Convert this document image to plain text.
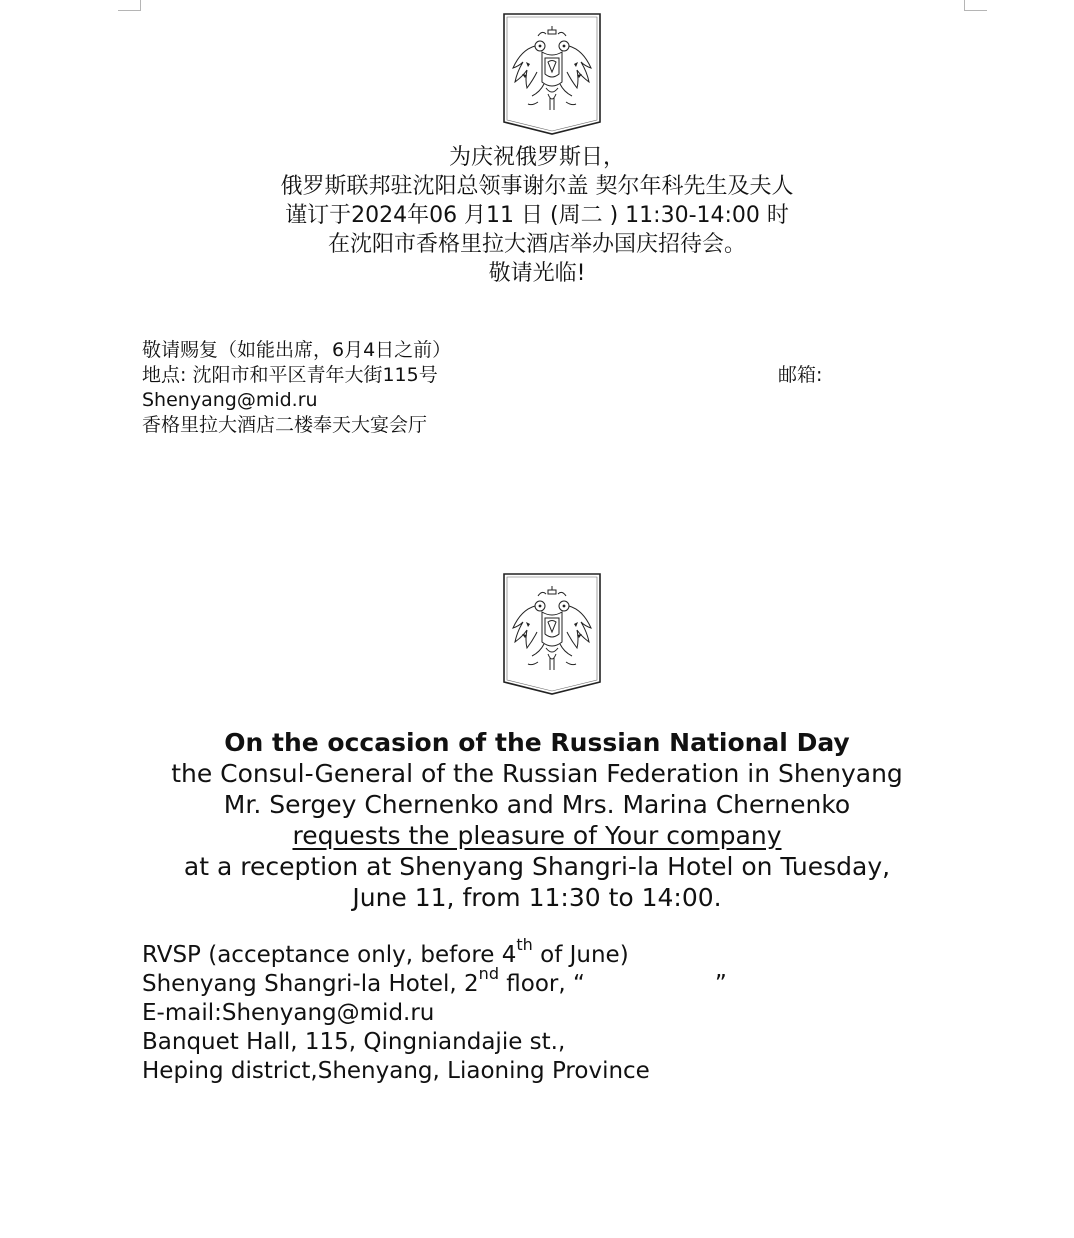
为庆祝俄罗斯日，
俄罗斯联邦驻沈阳总领事谢尔盖 契尔年科先生及夫人
谨订于2024年06 月11 日 (周二 ) 11:30-14:00 时
在沈阳市香格里拉大酒店举办国庆招待会。
敬请光临!
敬请赐复（如能出席，6月4日之前）
地点: 沈阳市和平区青年大街115号	邮箱:
Shenyang@mid.ru
香格里拉大酒店二楼奉天大宴会厅
On the occasion of the Russian National Day
the Consul-General of the Russian Federation in Shenyang
Mr. Sergey Chernenko and Mrs. Marina Chernenko
requests the pleasure of Your company
at a reception at Shenyang Shangri-la Hotel on Tuesday,
June 11, from 11:30 to 14:00.
RVSP (acceptance only, before 4th of June)
Shenyang Shangri-la Hotel, 2nd floor, “	”
E-mail:Shenyang@mid.ru
Banquet Hall, 115, Qingniandajie st.,
Heping district,Shenyang, Liaoning Province
